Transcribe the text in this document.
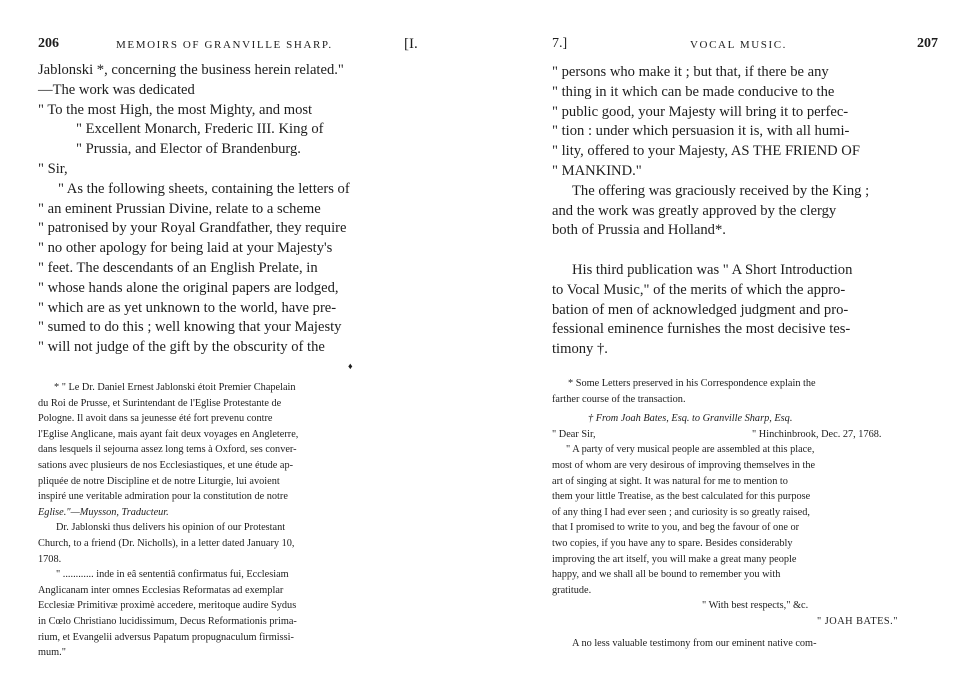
206	MEMOIRS OF GRANVILLE SHARP.	[I.
Jablonski *, concerning the business herein related."
—The work was dedicated
" To the most High, the most Mighty, and most
" Excellent Monarch, Frederic III. King of
" Prussia, and Elector of Brandenburg.
" Sir,
" As the following sheets, containing the letters of
" an eminent Prussian Divine, relate to a scheme
" patronised by your Royal Grandfather, they require
" no other apology for being laid at your Majesty's
" feet. The descendants of an English Prelate, in
" whose hands alone the original papers are lodged,
" which are as yet unknown to the world, have pre-
" sumed to do this ; well knowing that your Majesty
" will not judge of the gift by the obscurity of the
♦
* " Le Dr. Daniel Ernest Jablonski étoit Premier Chapelain
du Roi de Prusse, et Surintendant de l'Eglise Protestante de
Pologne. Il avoit dans sa jeunesse été fort prevenu contre
l'Eglise Anglicane, mais ayant fait deux voyages en Angleterre,
dans lesquels il sejourna assez long tems à Oxford, ses conver-
sations avec plusieurs de nos Ecclesiastiques, et une étude ap-
pliquée de notre Discipline et de notre Liturgie, lui avoient
inspiré une veritable admiration pour la constitution de notre
Eglise."—Muysson, Traducteur.
Dr. Jablonski thus delivers his opinion of our Protestant
Church, to a friend (Dr. Nicholls), in a letter dated January 10,
1708.
" ............ inde in eâ sententiâ confirmatus fui, Ecclesiam
Anglicanam inter omnes Ecclesias Reformatas ad exemplar
Ecclesiæ Primitivæ proximè accedere, meritoque audire Sydus
in Cœlo Christiano lucidissimum, Decus Reformationis prima-
rium, et Evangelii adversus Papatum propugnaculum firmissi-
mum."
7.]	VOCAL MUSIC.	207
" persons who make it ; but that, if there be any
" thing in it which can be made conducive to the
" public good, your Majesty will bring it to perfec-
" tion : under which persuasion it is, with all humi-
" lity, offered to your Majesty, AS THE FRIEND OF
" MANKIND."
The offering was graciously received by the King ;
and the work was greatly approved by the clergy
both of Prussia and Holland*.
His third publication was " A Short Introduction
to Vocal Music," of the merits of which the appro-
bation of men of acknowledged judgment and pro-
fessional eminence furnishes the most decisive tes-
timony †.
* Some Letters preserved in his Correspondence explain the
farther course of the transaction.
† From Joah Bates, Esq. to Granville Sharp, Esq.
" Dear Sir,	" Hinchinbrook, Dec. 27, 1768.
" A party of very musical people are assembled at this place,
most of whom are very desirous of improving themselves in the
art of singing at sight. It was natural for me to mention to
them your little Treatise, as the best calculated for this purpose
of any thing I had ever seen ; and curiosity is so greatly raised,
that I promised to write to you, and beg the favour of one or
two copies, if you have any to spare. Besides considerably
improving the art itself, you will make a great many people
happy, and we shall all be bound to remember you with
gratitude.
" With best respects," &c.
" JOAH BATES."
A no less valuable testimony from our eminent native com-
